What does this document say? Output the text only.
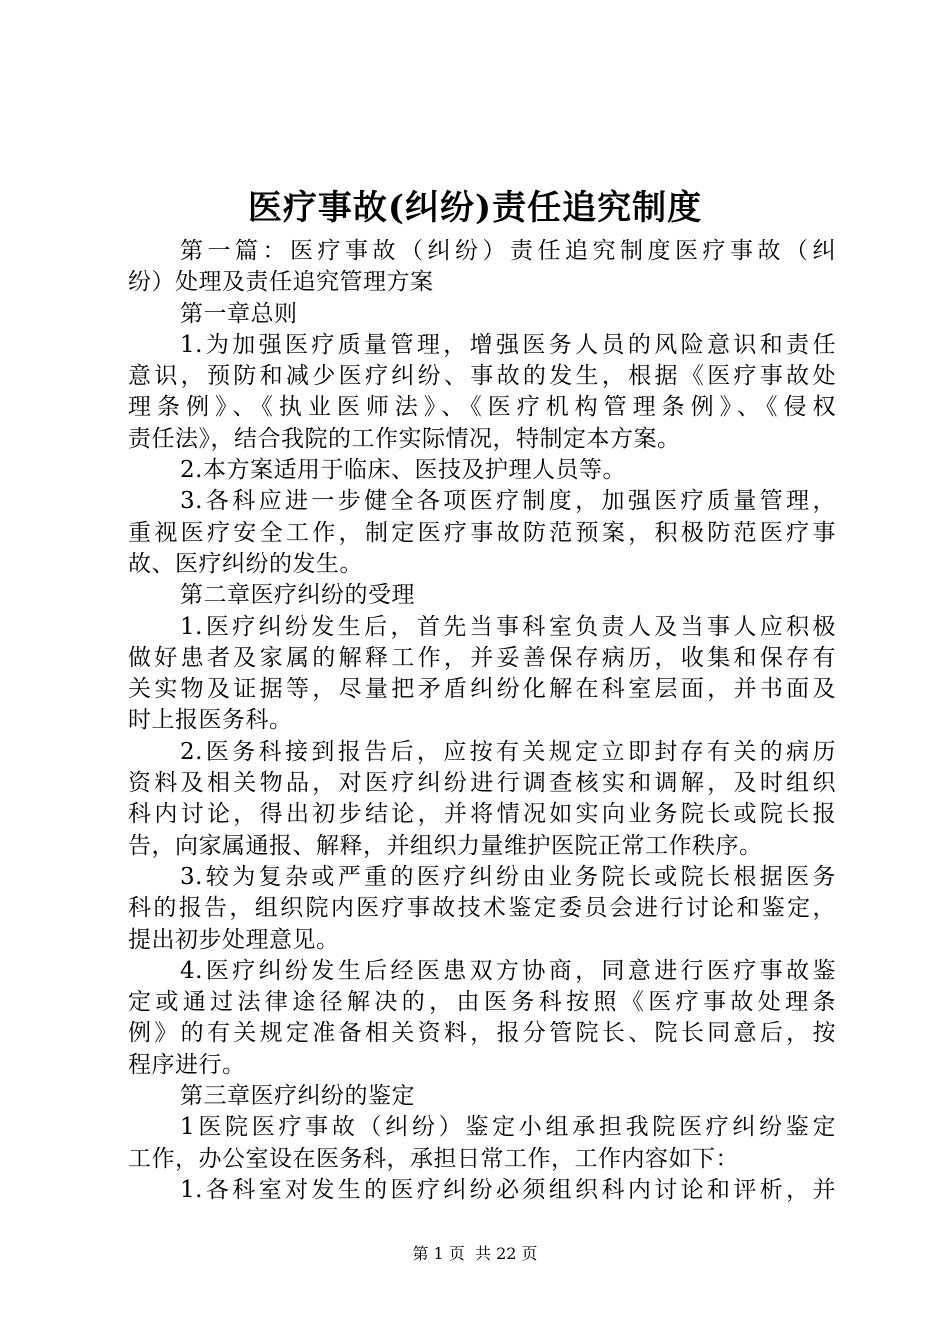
医疗事故(纠纷)责任追究制度
第一篇：医疗事故（纠纷）责任追究制度医疗事故（纠
纷）处理及责任追究管理方案
第一章总则
1.为加强医疗质量管理，增强医务人员的风险意识和责任
意识，预防和减少医疗纠纷、事故的发生，根据《医疗事故处
理条例》、《执业医师法》、《医疗机构管理条例》、《侵权
责任法》，结合我院的工作实际情况，特制定本方案。
2.本方案适用于临床、医技及护理人员等。
3.各科应进一步健全各项医疗制度，加强医疗质量管理，
重视医疗安全工作，制定医疗事故防范预案，积极防范医疗事
故、医疗纠纷的发生。
第二章医疗纠纷的受理
1.医疗纠纷发生后，首先当事科室负责人及当事人应积极
做好患者及家属的解释工作，并妥善保存病历，收集和保存有
关实物及证据等，尽量把矛盾纠纷化解在科室层面，并书面及
时上报医务科。
2.医务科接到报告后，应按有关规定立即封存有关的病历
资料及相关物品，对医疗纠纷进行调查核实和调解，及时组织
科内讨论，得出初步结论，并将情况如实向业务院长或院长报
告，向家属通报、解释，并组织力量维护医院正常工作秩序。
3.较为复杂或严重的医疗纠纷由业务院长或院长根据医务
科的报告，组织院内医疗事故技术鉴定委员会进行讨论和鉴定，
提出初步处理意见。
4.医疗纠纷发生后经医患双方协商，同意进行医疗事故鉴
定或通过法律途径解决的，由医务科按照《医疗事故处理条
例》的有关规定准备相关资料，报分管院长、院长同意后，按
程序进行。
第三章医疗纠纷的鉴定
1医院医疗事故（纠纷）鉴定小组承担我院医疗纠纷鉴定
工作，办公室设在医务科，承担日常工作，工作内容如下：
1.各科室对发生的医疗纠纷必须组织科内讨论和评析，并
第 1 页  共 22 页
